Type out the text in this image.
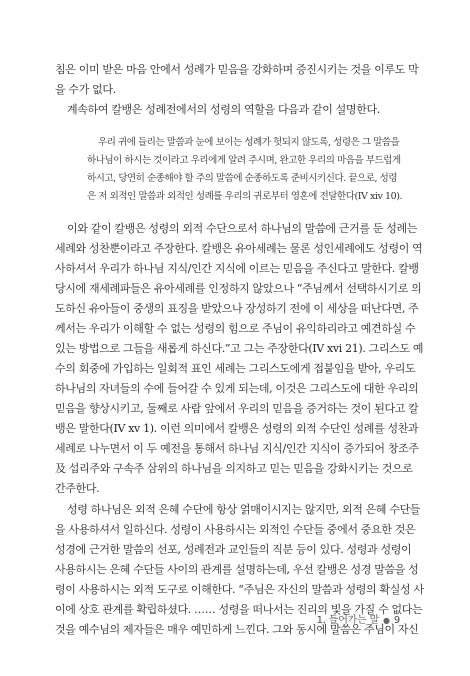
침은 이미 받은 마음 안에서 성례가 믿음을 강화하며 증진시키는 것을 이루도 막
을 수가 없다.
계속하여 칼뱅은 성례전에서의 성령의 역할을 다음과 같이 설명한다.
우리 귀에 들리는 말씀과 눈에 보이는 성례가 헛되지 않도록, 성령은 그 말씀을
하나님이 하시는 것이라고 우리에게 알려 주시며, 완고한 우리의 마음을 부드럽게
하시고, 당연히 순종해야 할 주의 말씀에 순종하도록 준비시키신다. 끝으로, 성령
은 저 외적인 말씀과 외적인 성례를 우리의 귀로부터 영혼에 전달한다(IV xiv 10).
이와 같이 칼뱅은 성령의 외적 수단으로서 하나님의 말씀에 근거를 둔 성례는
세례와 성찬뿐이라고 주장한다. 칼뱅은 유아세례는 물론 성인세례에도 성령이 역
사하셔서 우리가 하나님 지식/인간 지식에 이르는 믿음을 주신다고 말한다. 칼뱅
당시에 재세례파들은 유아세례를 인정하지 않았으나 “주님께서 선택하시기로 의
도하신 유아들이 중생의 표징을 받았으나 장성하기 전에 이 세상을 떠난다면, 주
께서는 우리가 이해할 수 없는 성령의 힘으로 주님이 유익하리라고 예견하실 수
있는 방법으로 그들을 새롭게 하신다.”고 그는 주장한다(IV xvi 21). 그리스도 예
수의 회중에 가입하는 일회적 표인 세례는 그리스도에게 접붙임을 받아, 우리도
하나님의 자녀들의 수에 들어갈 수 있게 되는데, 이것은 그리스도에 대한 우리의
믿음을 향상시키고, 둘째로 사람 앞에서 우리의 믿음을 증거하는 것이 된다고 칼
뱅은 말한다(IV xv 1). 이런 의미에서 칼뱅은 성령의 외적 수단인 성례를 성찬과
세례로 나누면서 이 두 예전을 통해서 하나님 지식/인간 지식이 증가되어 창조주
及 섭리주와 구속주 삼위의 하나님을 의지하고 믿는 믿음을 강화시키는 것으로
간주한다.
성령 하나님은 외적 은혜 수단에 항상 얽매이시지는 않지만, 외적 은혜 수단들
을 사용하셔서 일하신다. 성령이 사용하시는 외적인 수단들 중에서 중요한 것은
성경에 근거한 말씀의 선포, 성례전과 교인들의 직분 등이 있다. 성령과 성령이
사용하시는 은혜 수단들 사이의 관계를 설명하는데, 우선 칼뱅은 성경 말씀을 성
령이 사용하시는 외적 도구로 이해한다. “주님은 자신의 말씀과 성령의 확실성 사
이에 상호 관계를 확립하셨다. …… 성령을 떠나서는 진리의 빛을 가질 수 없다는
것을 예수님의 제자들은 매우 예민하게 느낀다. 그와 동시에 말씀은 주님이 자신
1. 들어가는 말 ● 9
